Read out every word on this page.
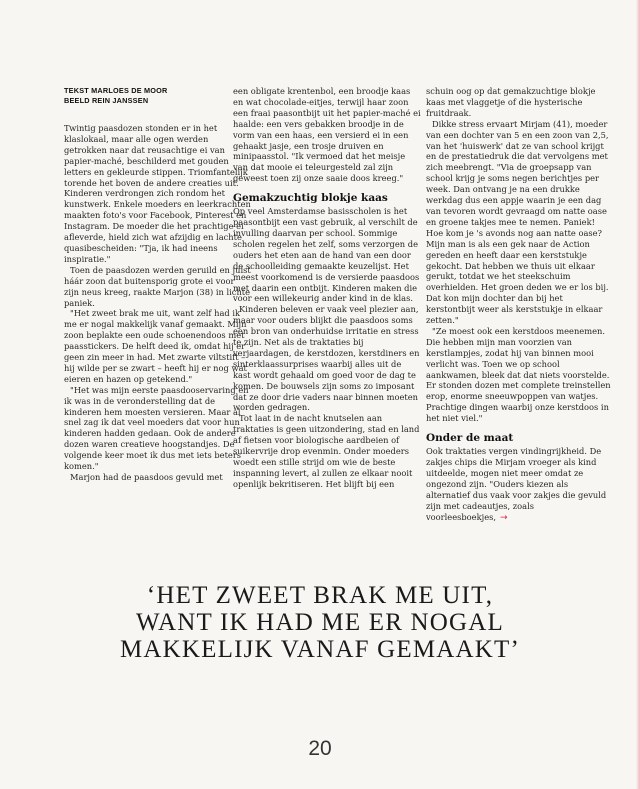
TEKST MARLOES DE MOOR
BEELD REIN JANSSEN

Twintig paasdozen stonden er in het klaslokaal, maar alle ogen werden getrokken naar dat reusachtige ei van papier-maché, beschilderd met gouden letters en gekleurde stippen. Triomfantelijk torende het boven de andere creaties uit. Kinderen verdrongen zich rondom het kunstwerk. Enkele moeders en leerkrachten maakten foto's voor Facebook, Pinterest en Instagram. De moeder die het prachtige ei afleverde, hield zich wat afzijdig en lachte quasibescheiden: "Tja, ik had ineens inspiratie."

Toen de paasdozen werden geruild en juist háár zoon dat buitensporig grote ei voor zijn neus kreeg, raakte Marjon (38) in lichte paniek.

"Het zweet brak me uit, want zelf had ik me er nogal makkelijk vanaf gemaakt. Mijn zoon beplakte een oude schoenendoos met paasstickers. De helft deed ik, omdat hij er geen zin meer in had. Met zwarte viltstift – hij wilde per se zwart – heeft hij er nog wat eieren en hazen op getekend."

"Het was mijn eerste paasdooservaring en ik was in de veronderstelling dat de kinderen hem moesten versieren. Maar al snel zag ik dat veel moeders dat voor hun kinderen hadden gedaan. Ook de andere dozen waren creatieve hoogstandjes. De volgende keer moet ik dus met iets beters komen."

Marjon had de paasdoos gevuld met

een obligate krentenbol, een broodje kaas en wat chocolade-eitjes, terwijl haar zoon een fraai paasontbijt uit het papier-maché ei haalde: een vers gebakken broodje in de vorm van een haas, een versierd ei in een gehaakt jasje, een trosje druiven en minipaasstol. "Ik vermoed dat het meisje van dat mooie ei teleurgesteld zal zijn geweest toen zij onze saaie doos kreeg."

Gemakzuchtig blokje kaas

Op veel Amsterdamse basisscholen is het paasontbijt een vast gebruik, al verschilt de invulling daarvan per school. Sommige scholen regelen het zelf, soms verzorgen de ouders het eten aan de hand van een door de schoolleiding gemaakte keuzelijst. Het meest voorkomend is de versierde paasdoos met daarin een ontbijt. Kinderen maken die voor een willekeurig ander kind in de klas.

Kinderen beleven er vaak veel plezier aan, maar voor ouders blijkt die paasdoos soms een bron van onderhuidse irritatie en stress te zijn. Net als de traktaties bij verjaardagen, de kerstdozen, kerstdiners en sinterklaassurprises waarbij alles uit de kast wordt gehaald om goed voor de dag te komen. De bouwsels zijn soms zo imposant dat ze door drie vaders naar binnen moeten worden gedragen.

Tot laat in de nacht knutselen aan traktaties is geen uitzondering, stad en land af fietsen voor biologische aardbeien of suikervrije drop evenmin. Onder moeders woedt een stille strijd om wie de beste inspanning levert, al zullen ze elkaar nooit openlijk bekritiseren. Het blijft bij een

schuin oog op dat gemakzuchtige blokje kaas met vlaggetje of die hysterische fruitdraak.

Dikke stress ervaart Mirjam (41), moeder van een dochter van 5 en een zoon van 2,5, van het 'huiswerk' dat ze van school krijgt en de prestatiedruk die dat vervolgens met zich meebrengt. "Via de groepsapp van school krijg je soms negen berichtjes per week. Dan ontvang je na een drukke werkdag dus een appje waarin je een dag van tevoren wordt gevraagd om natte oase en groene takjes mee te nemen. Paniek! Hoe kom je 's avonds nog aan natte oase? Mijn man is als een gek naar de Action gereden en heeft daar een kerststukje gekocht. Dat hebben we thuis uit elkaar gerukt, totdat we het steekschuim overhielden. Het groen deden we er los bij. Dat kon mijn dochter dan bij het kerstontbijt weer als kerststukje in elkaar zetten."

"Ze moest ook een kerstdoos meenemen. Die hebben mijn man voorzien van kerstlampjes, zodat hij van binnen mooi verlicht was. Toen we op school aankwamen, bleek dat dat niets voorstelde. Er stonden dozen met complete treinstellen erop, enorme sneeuwpoppen van watjes. Prachtige dingen waarbij onze kerstdoos in het niet viel."

Onder de maat

Ook traktaties vergen vindingrijkheid. De zakjes chips die Mirjam vroeger als kind uitdeelde, mogen niet meer omdat ze ongezond zijn. "Ouders kiezen als alternatief dus vaak voor zakjes die gevuld zijn met cadeautjes, zoals voorleesboekjes, →

‘HET ZWEET BRAK ME UIT,
WANT IK HAD ME ER NOGAL
MAKKELIJK VANAF GEMAAKT’
20
